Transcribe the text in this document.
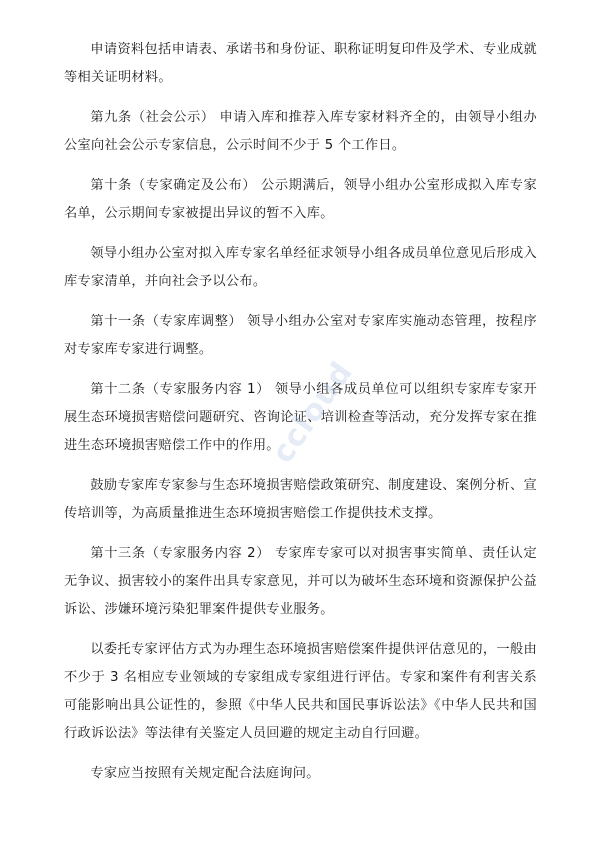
申请资料包括申请表、承诺书和身份证、职称证明复印件及学术、专业成就等相关证明材料。

第九条（社会公示） 申请入库和推荐入库专家材料齐全的，由领导小组办公室向社会公示专家信息，公示时间不少于 5 个工作日。

第十条（专家确定及公布） 公示期满后，领导小组办公室形成拟入库专家名单，公示期间专家被提出异议的暂不入库。

领导小组办公室对拟入库专家名单经征求领导小组各成员单位意见后形成入库专家清单，并向社会予以公布。

第十一条（专家库调整） 领导小组办公室对专家库实施动态管理，按程序对专家库专家进行调整。

第十二条（专家服务内容 1） 领导小组各成员单位可以组织专家库专家开展生态环境损害赔偿问题研究、咨询论证、培训检查等活动，充分发挥专家在推进生态环境损害赔偿工作中的作用。

鼓励专家库专家参与生态环境损害赔偿政策研究、制度建设、案例分析、宣传培训等，为高质量推进生态环境损害赔偿工作提供技术支撑。

第十三条（专家服务内容 2） 专家库专家可以对损害事实简单、责任认定无争议、损害较小的案件出具专家意见，并可以为破坏生态环境和资源保护公益诉讼、涉嫌环境污染犯罪案件提供专业服务。

以委托专家评估方式为办理生态环境损害赔偿案件提供评估意见的，一般由不少于 3 名相应专业领域的专家组成专家组进行评估。专家和案件有利害关系可能影响出具公证性的，参照《中华人民共和国民事诉讼法》《中华人民共和国行政诉讼法》等法律有关鉴定人员回避的规定主动自行回避。

专家应当按照有关规定配合法庭询问。

ccloud
